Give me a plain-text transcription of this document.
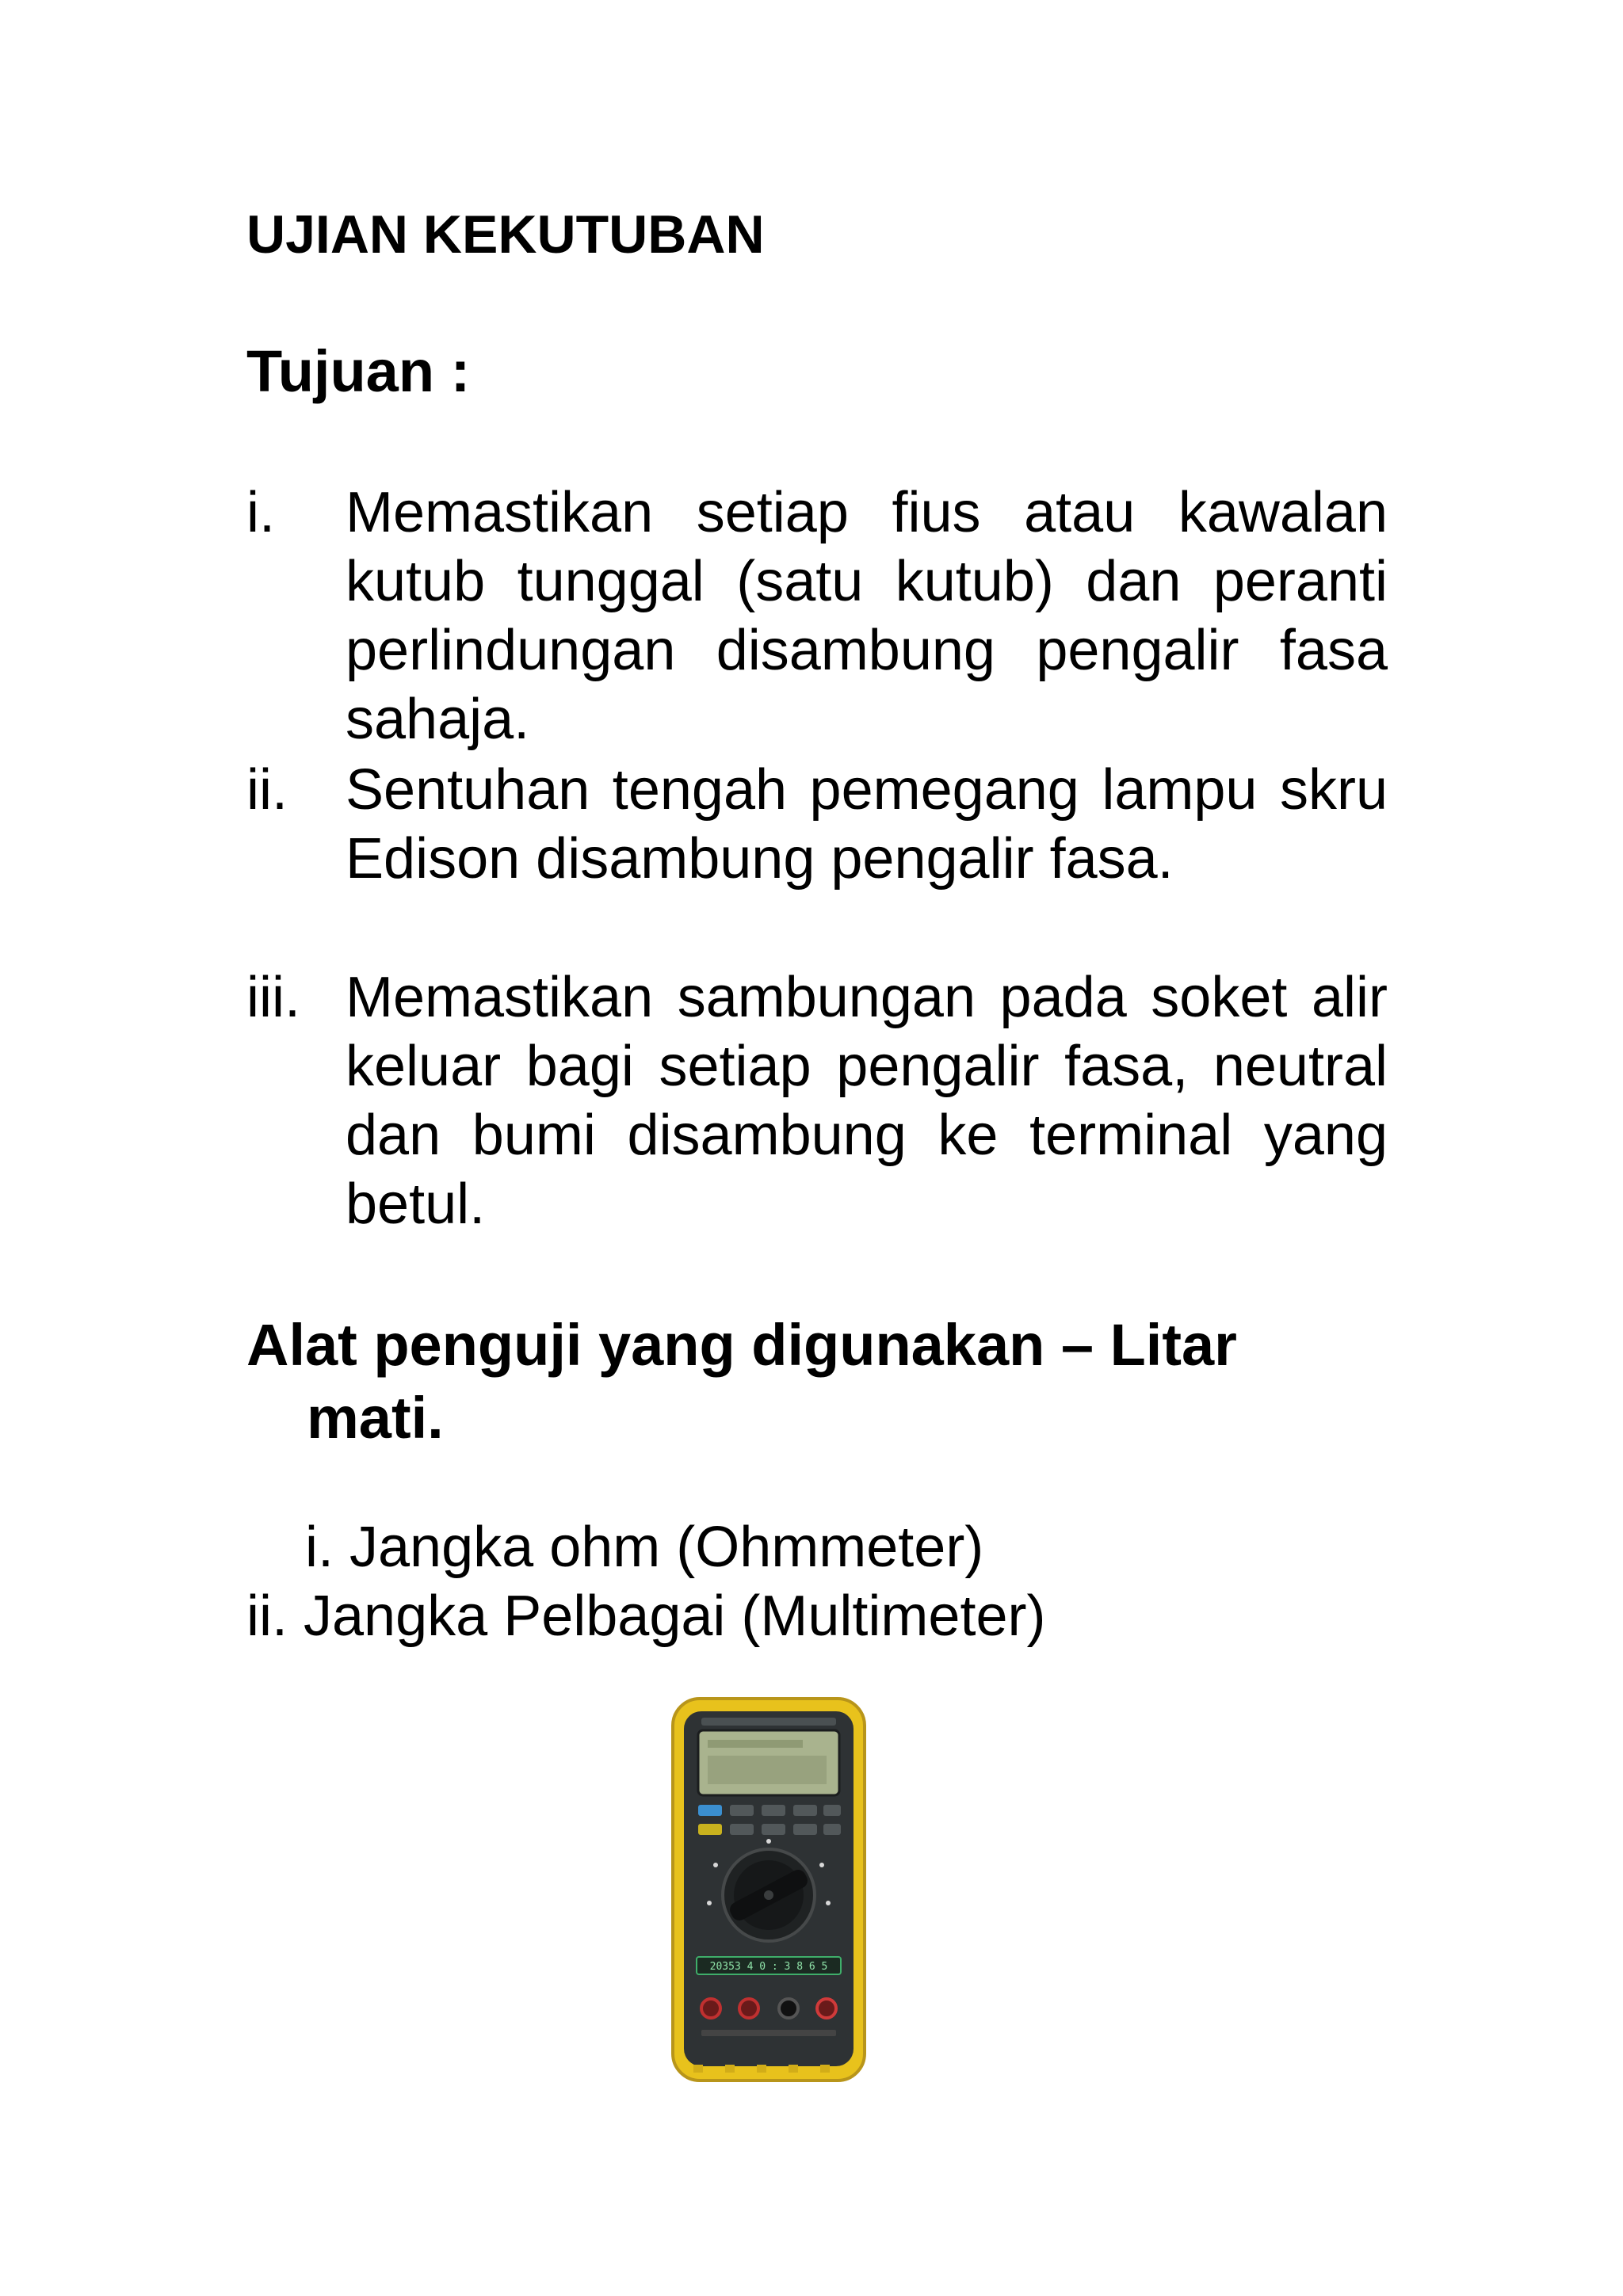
UJIAN KEKUTUBAN
Tujuan :
i. Memastikan setiap fius atau kawalan kutub tunggal (satu kutub) dan peranti perlindungan disambung pengalir fasa sahaja.
ii. Sentuhan tengah pemegang lampu skru Edison disambung pengalir fasa.
iii. Memastikan sambungan pada soket alir keluar bagi setiap pengalir fasa, neutral dan bumi disambung ke terminal yang betul.
Alat penguji yang digunakan – Litar
mati.
i. Jangka ohm (Ohmmeter)
ii. Jangka Pelbagai (Multimeter)
20353 4 0 : 3 8 6 5
